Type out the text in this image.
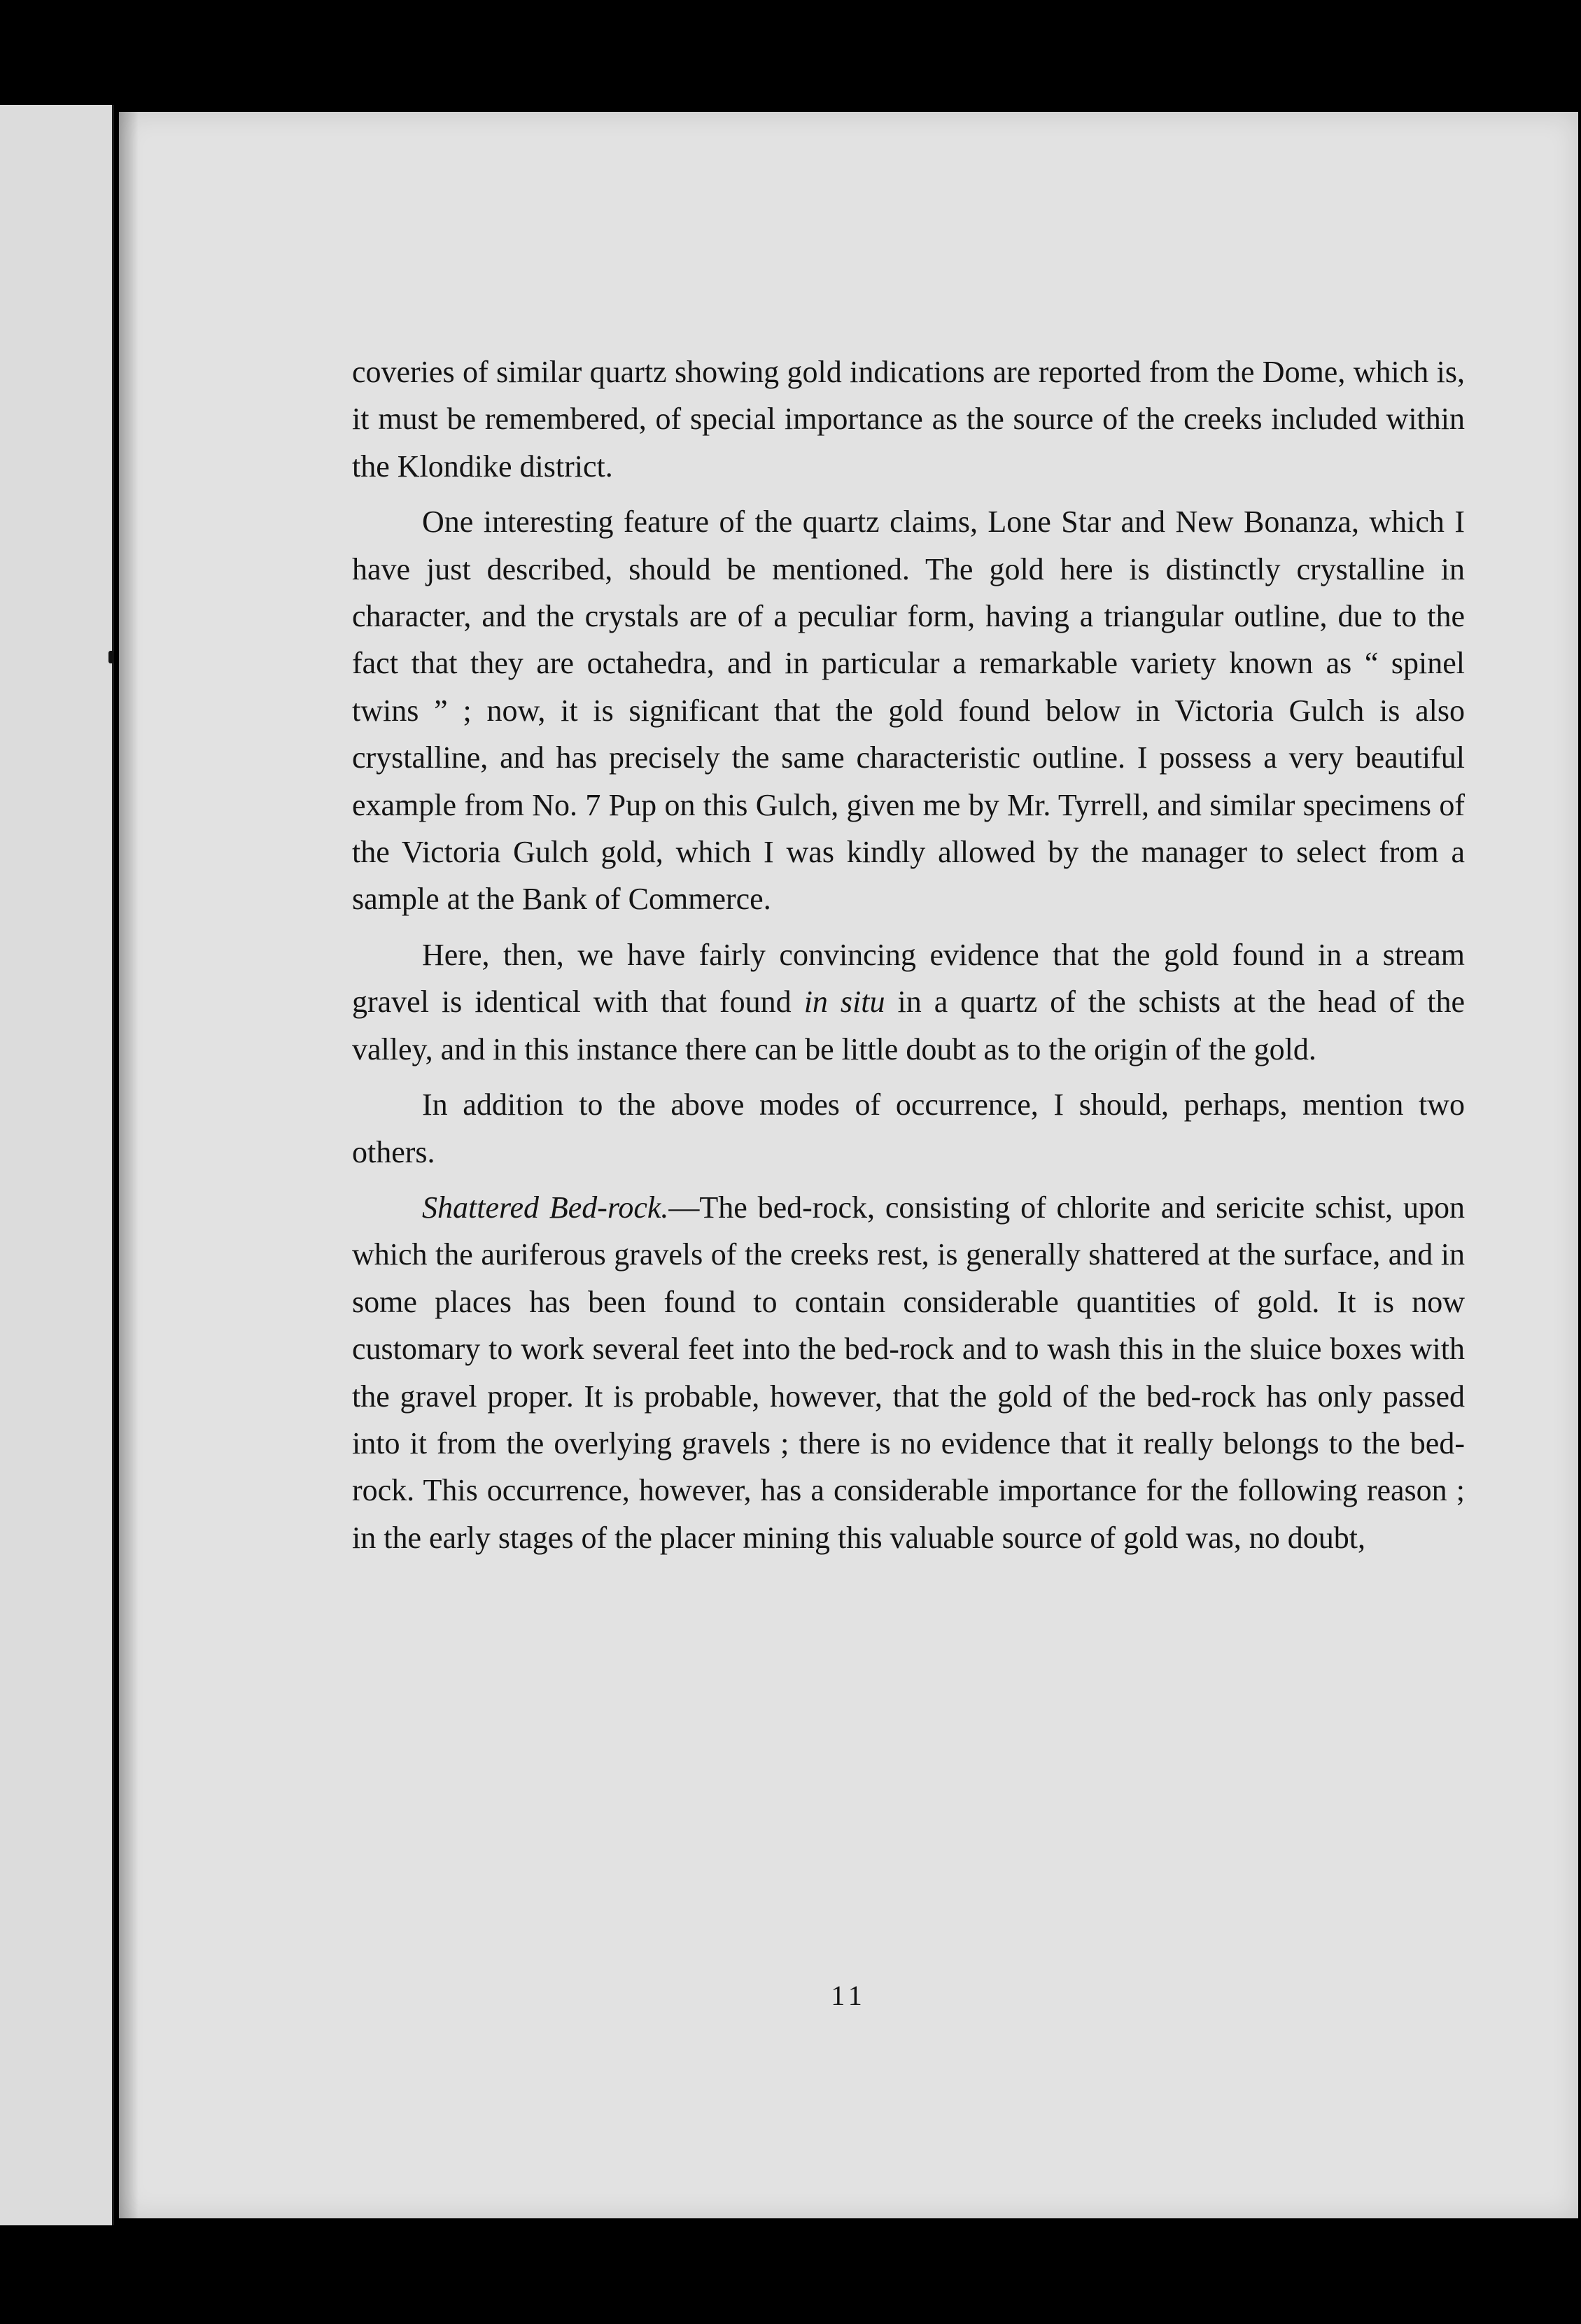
coveries of similar quartz showing gold indications are reported from the Dome, which is, it must be remembered, of special importance as the source of the creeks included within the Klondike district.

One interesting feature of the quartz claims, Lone Star and New Bonanza, which I have just described, should be mentioned. The gold here is distinctly crystalline in character, and the crystals are of a peculiar form, having a triangular outline, due to the fact that they are octahedra, and in particular a remarkable variety known as “ spinel twins ” ; now, it is significant that the gold found below in Victoria Gulch is also crystalline, and has precisely the same characteristic outline. I possess a very beautiful example from No. 7 Pup on this Gulch, given me by Mr. Tyrrell, and similar specimens of the Victoria Gulch gold, which I was kindly allowed by the manager to select from a sample at the Bank of Commerce.

Here, then, we have fairly convincing evidence that the gold found in a stream gravel is identical with that found in situ in a quartz of the schists at the head of the valley, and in this instance there can be little doubt as to the origin of the gold.

In addition to the above modes of occurrence, I should, perhaps, mention two others.

Shattered Bed-rock.—The bed-rock, consisting of chlorite and sericite schist, upon which the auriferous gravels of the creeks rest, is generally shattered at the surface, and in some places has been found to contain considerable quantities of gold. It is now customary to work several feet into the bed-rock and to wash this in the sluice boxes with the gravel proper. It is probable, however, that the gold of the bed-rock has only passed into it from the overlying gravels ; there is no evidence that it really belongs to the bed-rock. This occurrence, however, has a considerable importance for the following reason ; in the early stages of the placer mining this valuable source of gold was, no doubt,

11
